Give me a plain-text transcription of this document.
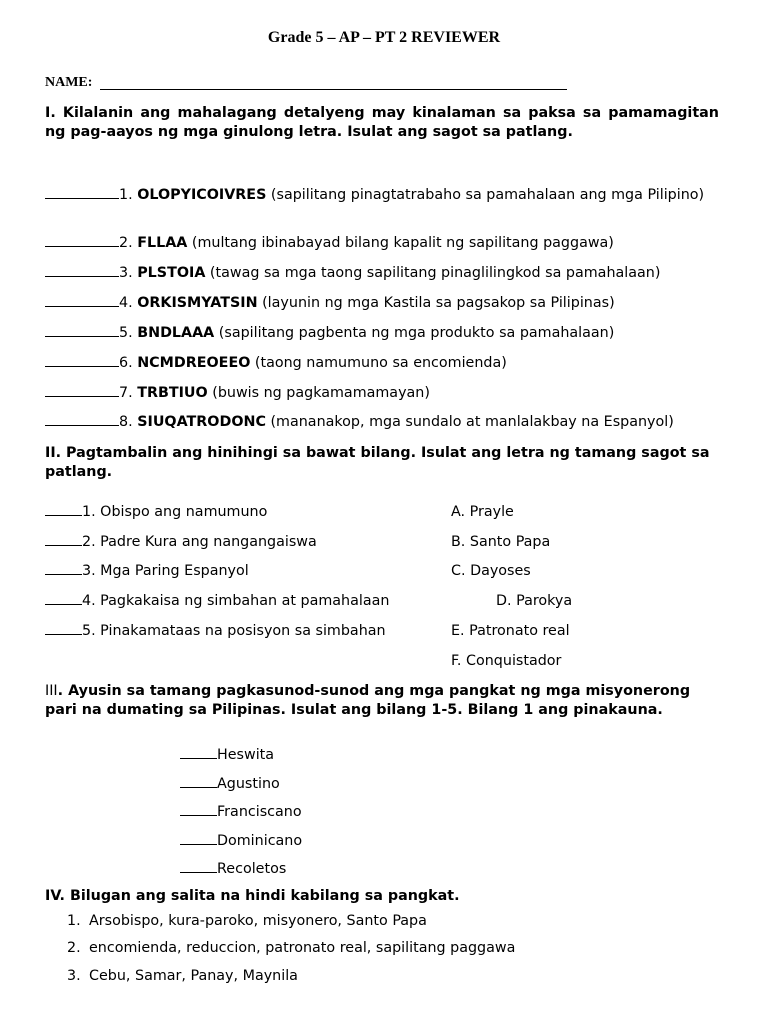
Grade 5 – AP – PT 2 REVIEWER
NAME:
I. Kilalanin ang mahalagang detalyeng may kinalaman sa paksa sa pamamagitan ng pag-aayos ng mga ginulong letra. Isulat ang sagot sa patlang.
1. OLOPYICOIVRES (sapilitang pinagtatrabaho sa pamahalaan ang mga Pilipino)
2. FLLAA (multang ibinabayad bilang kapalit ng sapilitang paggawa)
3. PLSTOIA (tawag sa mga taong sapilitang pinaglilingkod sa pamahalaan)
4. ORKISMYATSIN (layunin ng mga Kastila sa pagsakop sa Pilipinas)
5. BNDLAAA (sapilitang pagbenta ng mga produkto sa pamahalaan)
6. NCMDREOEEO (taong namumuno sa encomienda)
7. TRBTIUO (buwis ng pagkamamamayan)
8. SIUQATRODONC (mananakop, mga sundalo at manlalakbay na Espanyol)
II. Pagtambalin ang hinihingi sa bawat bilang. Isulat ang letra ng tamang sagot sa patlang.
1. Obispo ang namumuno
2. Padre Kura ang nangangaiswa
3. Mga Paring Espanyol
4. Pagkakaisa ng simbahan at pamahalaan
5. Pinakamataas na posisyon sa simbahan
A. Prayle
B. Santo Papa
C. Dayoses
D. Parokya
E. Patronato real
F. Conquistador
III. Ayusin sa tamang pagkasunod-sunod ang mga pangkat ng mga misyonerong pari na dumating sa Pilipinas. Isulat ang bilang 1-5. Bilang 1 ang pinakauna.
Heswita
Agustino
Franciscano
Dominicano
Recoletos
IV. Bilugan ang salita na hindi kabilang sa pangkat.
1. Arsobispo, kura-paroko, misyonero, Santo Papa
2. encomienda, reduccion, patronato real, sapilitang paggawa
3. Cebu, Samar, Panay, Maynila
